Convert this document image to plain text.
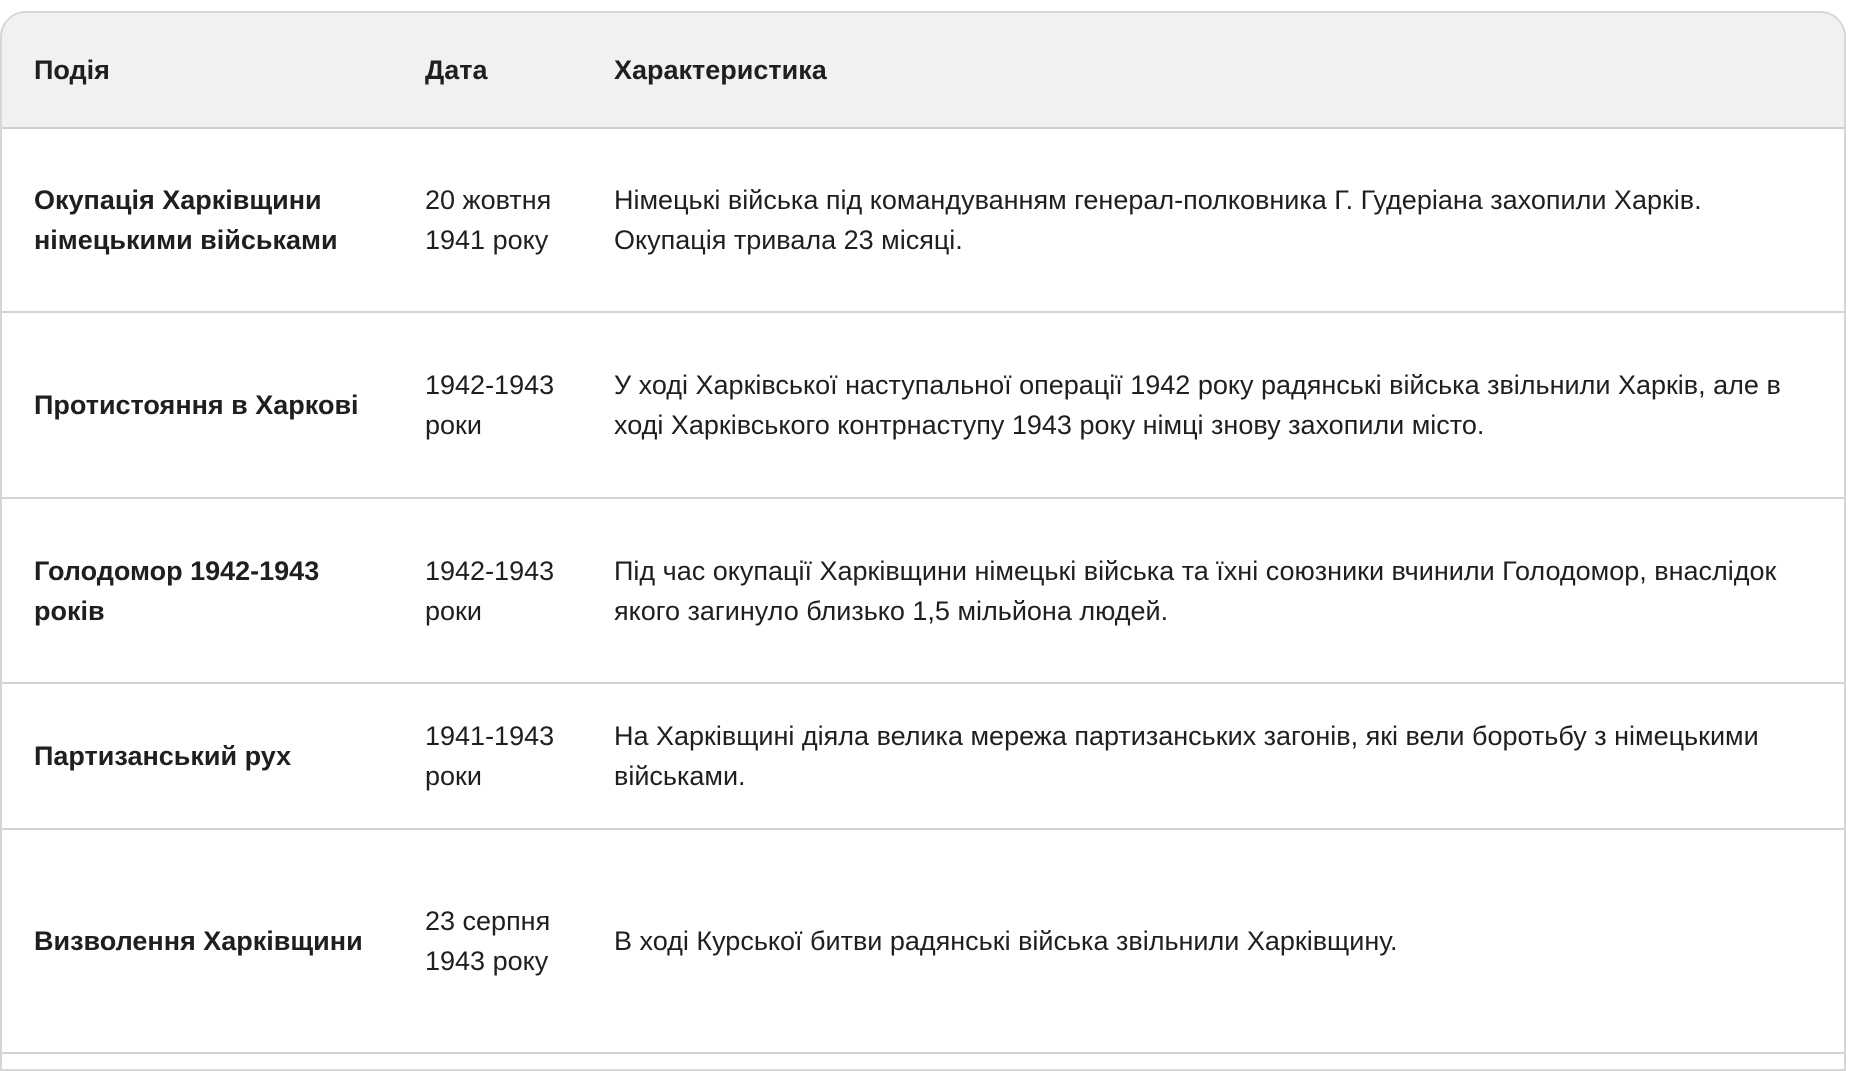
Подія	Дата	Характеристика
Окупація Харківщини німецькими військами	20 жовтня 1941 року	Німецькі війська під командуванням генерал-полковника Г. Гудеріана захопили Харків. Окупація тривала 23 місяці.
Протистояння в Харкові	1942-1943 роки	У ході Харківської наступальної операції 1942 року радянські війська звільнили Харків, але в ході Харківського контрнаступу 1943 року німці знову захопили місто.
Голодомор 1942-1943 років	1942-1943 роки	Під час окупації Харківщини німецькі війська та їхні союзники вчинили Голодомор, внаслідок якого загинуло близько 1,5 мільйона людей.
Партизанський рух	1941-1943 роки	На Харківщині діяла велика мережа партизанських загонів, які вели боротьбу з німецькими військами.
Визволення Харківщини	23 серпня 1943 року	В ході Курської битви радянські війська звільнили Харківщину.
